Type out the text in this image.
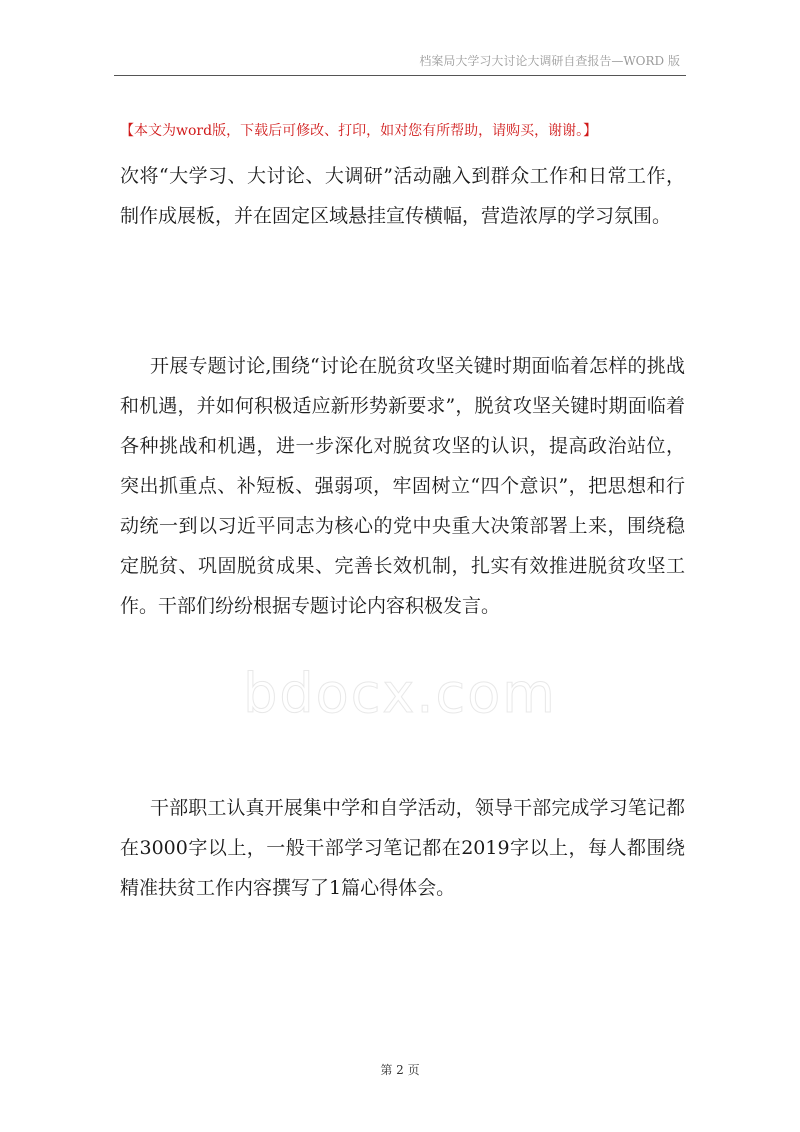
档案局大学习大讨论大调研自查报告—WORD 版
【本文为word版，下载后可修改、打印，如对您有所帮助，请购买，谢谢。】

次将“大学习、大讨论、大调研”活动融入到群众工作和日常工作，制作成展板，并在固定区域悬挂宣传横幅，营造浓厚的学习氛围。

开展专题讨论,围绕“讨论在脱贫攻坚关键时期面临着怎样的挑战和机遇，并如何积极适应新形势新要求”，脱贫攻坚关键时期面临着各种挑战和机遇，进一步深化对脱贫攻坚的认识，提高政治站位，突出抓重点、补短板、强弱项，牢固树立“四个意识”，把思想和行动统一到以习近平同志为核心的党中央重大决策部署上来，围绕稳定脱贫、巩固脱贫成果、完善长效机制，扎实有效推进脱贫攻坚工作。干部们纷纷根据专题讨论内容积极发言。

bdocx.com

干部职工认真开展集中学和自学活动，领导干部完成学习笔记都在3000字以上，一般干部学习笔记都在2019字以上，每人都围绕精准扶贫工作内容撰写了1篇心得体会。

第 2 页
